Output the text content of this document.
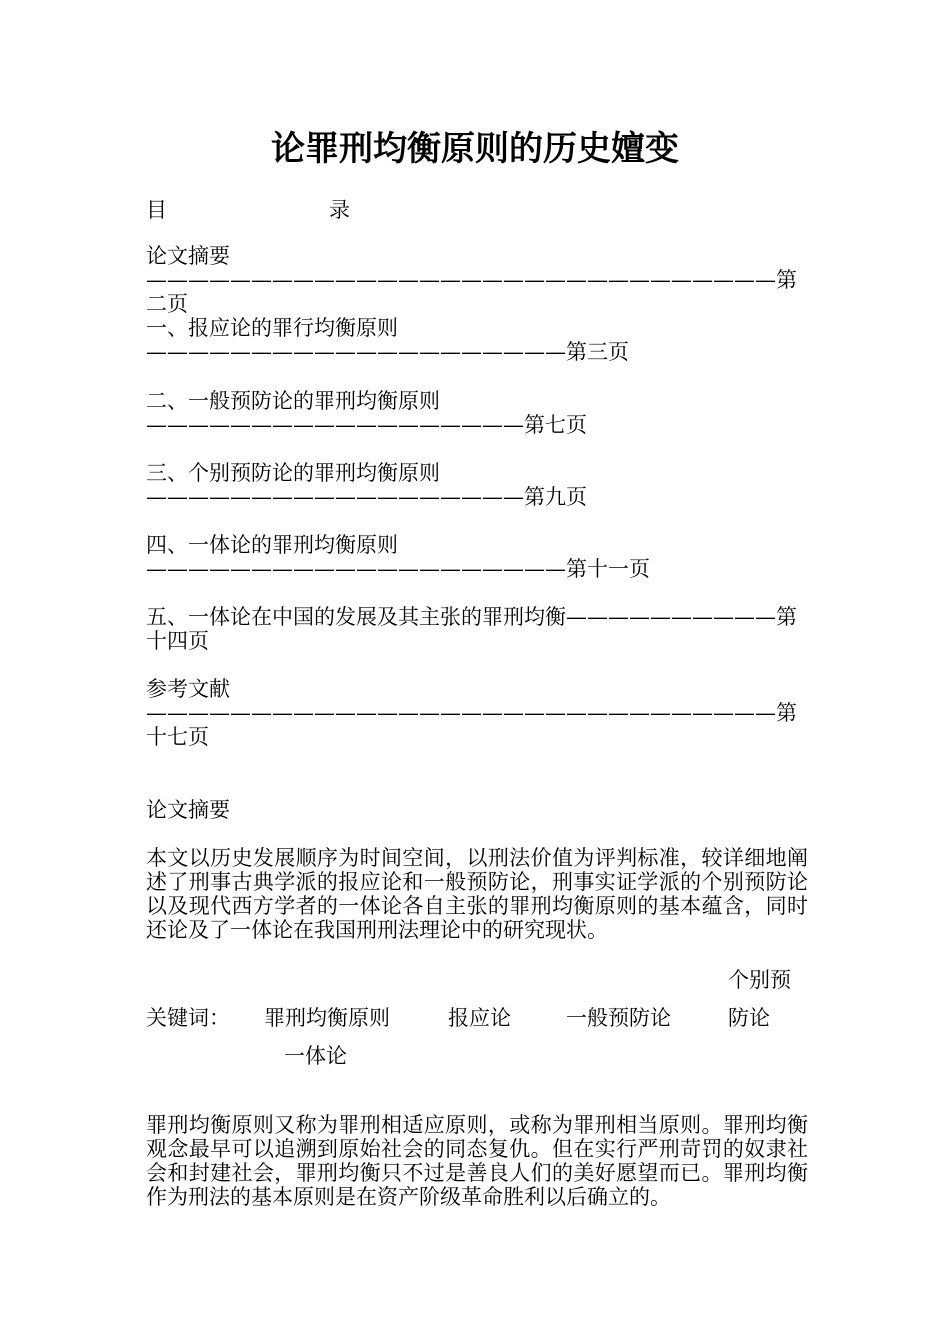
论罪刑均衡原则的历史嬗变
目	录
论文摘要——————————————————————————————第二页
一、报应论的罪行均衡原则————————————————————第三页
二、一般预防论的罪刑均衡原则——————————————————第七页
三、个别预防论的罪刑均衡原则——————————————————第九页
四、一体论的罪刑均衡原则————————————————————第十一页
五、一体论在中国的发展及其主张的罪刑均衡——————————第十四页
参考文献——————————————————————————————第十七页
论文摘要
本文以历史发展顺序为时间空间，以刑法价值为评判标准，较详细地阐述了刑事古典学派的报应论和一般预防论，刑事实证学派的个别预防论以及现代西方学者的一体论各自主张的罪刑均衡原则的基本蕴含，同时还论及了一体论在我国刑刑法理论中的研究现状。
关键词： 罪刑均衡原则	报应论	一般预防论个别预防论一体论
罪刑均衡原则又称为罪刑相适应原则，或称为罪刑相当原则。罪刑均衡观念最早可以追溯到原始社会的同态复仇。但在实行严刑苛罚的奴隶社会和封建社会，罪刑均衡只不过是善良人们的美好愿望而已。罪刑均衡作为刑法的基本原则是在资产阶级革命胜利以后确立的。
